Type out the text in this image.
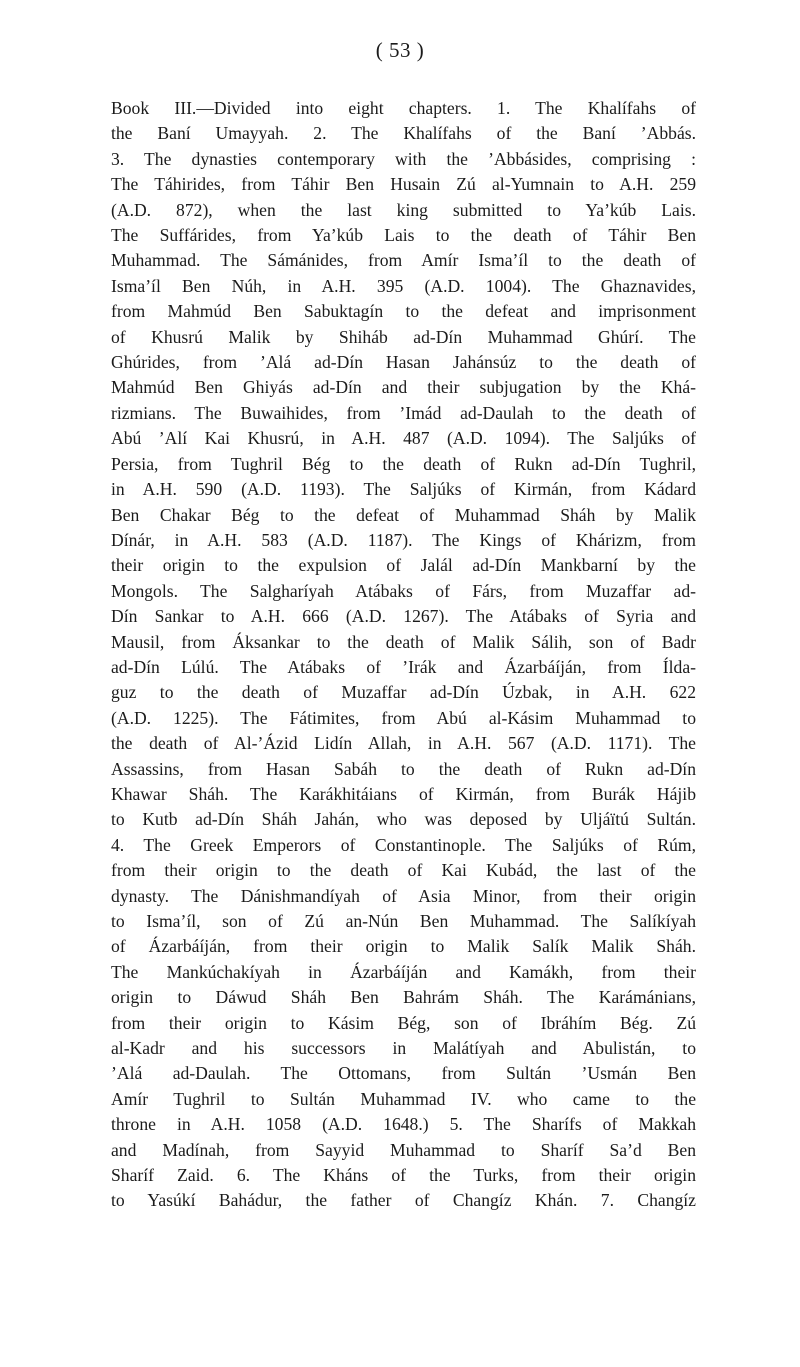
( 53 )
Book III.—Divided into eight chapters. 1. The Khalífahs of
the Baní Umayyah. 2. The Khalífahs of the Baní ’Abbás.
3. The dynasties contemporary with the ’Abbásides, comprising :
The Táhirides, from Táhir Ben Husain Zú al-Yumnain to A.H. 259
(A.D. 872), when the last king submitted to Ya’kúb Lais.
The Suffárides, from Ya’kúb Lais to the death of Táhir Ben
Muhammad. The Sámánides, from Amír Isma’íl to the death of
Isma’íl Ben Núh, in A.H. 395 (A.D. 1004). The Ghaznavides,
from Mahmúd Ben Sabuktagín to the defeat and imprisonment
of Khusrú Malik by Shiháb ad-Dín Muhammad Ghúrí. The
Ghúrides, from ’Alá ad-Dín Hasan Jahánsúz to the death of
Mahmúd Ben Ghiyás ad-Dín and their subjugation by the Khá-
rizmians. The Buwaihides, from ’Imád ad-Daulah to the death of
Abú ’Alí Kai Khusrú, in A.H. 487 (A.D. 1094). The Saljúks of
Persia, from Tughril Bég to the death of Rukn ad-Dín Tughril,
in A.H. 590 (A.D. 1193). The Saljúks of Kirmán, from Kádard
Ben Chakar Bég to the defeat of Muhammad Sháh by Malik
Dínár, in A.H. 583 (A.D. 1187). The Kings of Khárizm, from
their origin to the expulsion of Jalál ad-Dín Mankbarní by the
Mongols. The Salgharíyah Atábaks of Fárs, from Muzaffar ad-
Dín Sankar to A.H. 666 (A.D. 1267). The Atábaks of Syria and
Mausil, from Áksankar to the death of Malik Sálih, son of Badr
ad-Dín Lúlú. The Atábaks of ’Irák and Ázarbáíján, from Ílda-
guz to the death of Muzaffar ad-Dín Úzbak, in A.H. 622
(A.D. 1225). The Fátimites, from Abú al-Kásim Muhammad to
the death of Al-’Ázid Lidín Allah, in A.H. 567 (A.D. 1171). The
Assassins, from Hasan Sabáh to the death of Rukn ad-Dín
Khawar Sháh. The Karákhitáians of Kirmán, from Burák Hájib
to Kutb ad-Dín Sháh Jahán, who was deposed by Uljáïtú Sultán.
4. The Greek Emperors of Constantinople. The Saljúks of Rúm,
from their origin to the death of Kai Kubád, the last of the
dynasty. The Dánishmandíyah of Asia Minor, from their origin
to Isma’íl, son of Zú an-Nún Ben Muhammad. The Salíkíyah
of Ázarbáíján, from their origin to Malik Salík Malik Sháh.
The Mankúchakíyah in Ázarbáíján and Kamákh, from their
origin to Dáwud Sháh Ben Bahrám Sháh. The Karámánians,
from their origin to Kásim Bég, son of Ibráhím Bég. Zú
al-Kadr and his successors in Malátíyah and Abulistán, to
’Alá ad-Daulah. The Ottomans, from Sultán ’Usmán Ben
Amír Tughril to Sultán Muhammad IV. who came to the
throne in A.H. 1058 (A.D. 1648.) 5. The Sharífs of Makkah
and Madínah, from Sayyid Muhammad to Sharíf Sa’d Ben
Sharíf Zaid. 6. The Kháns of the Turks, from their origin
to Yasúkí Bahádur, the father of Changíz Khán. 7. Changíz
